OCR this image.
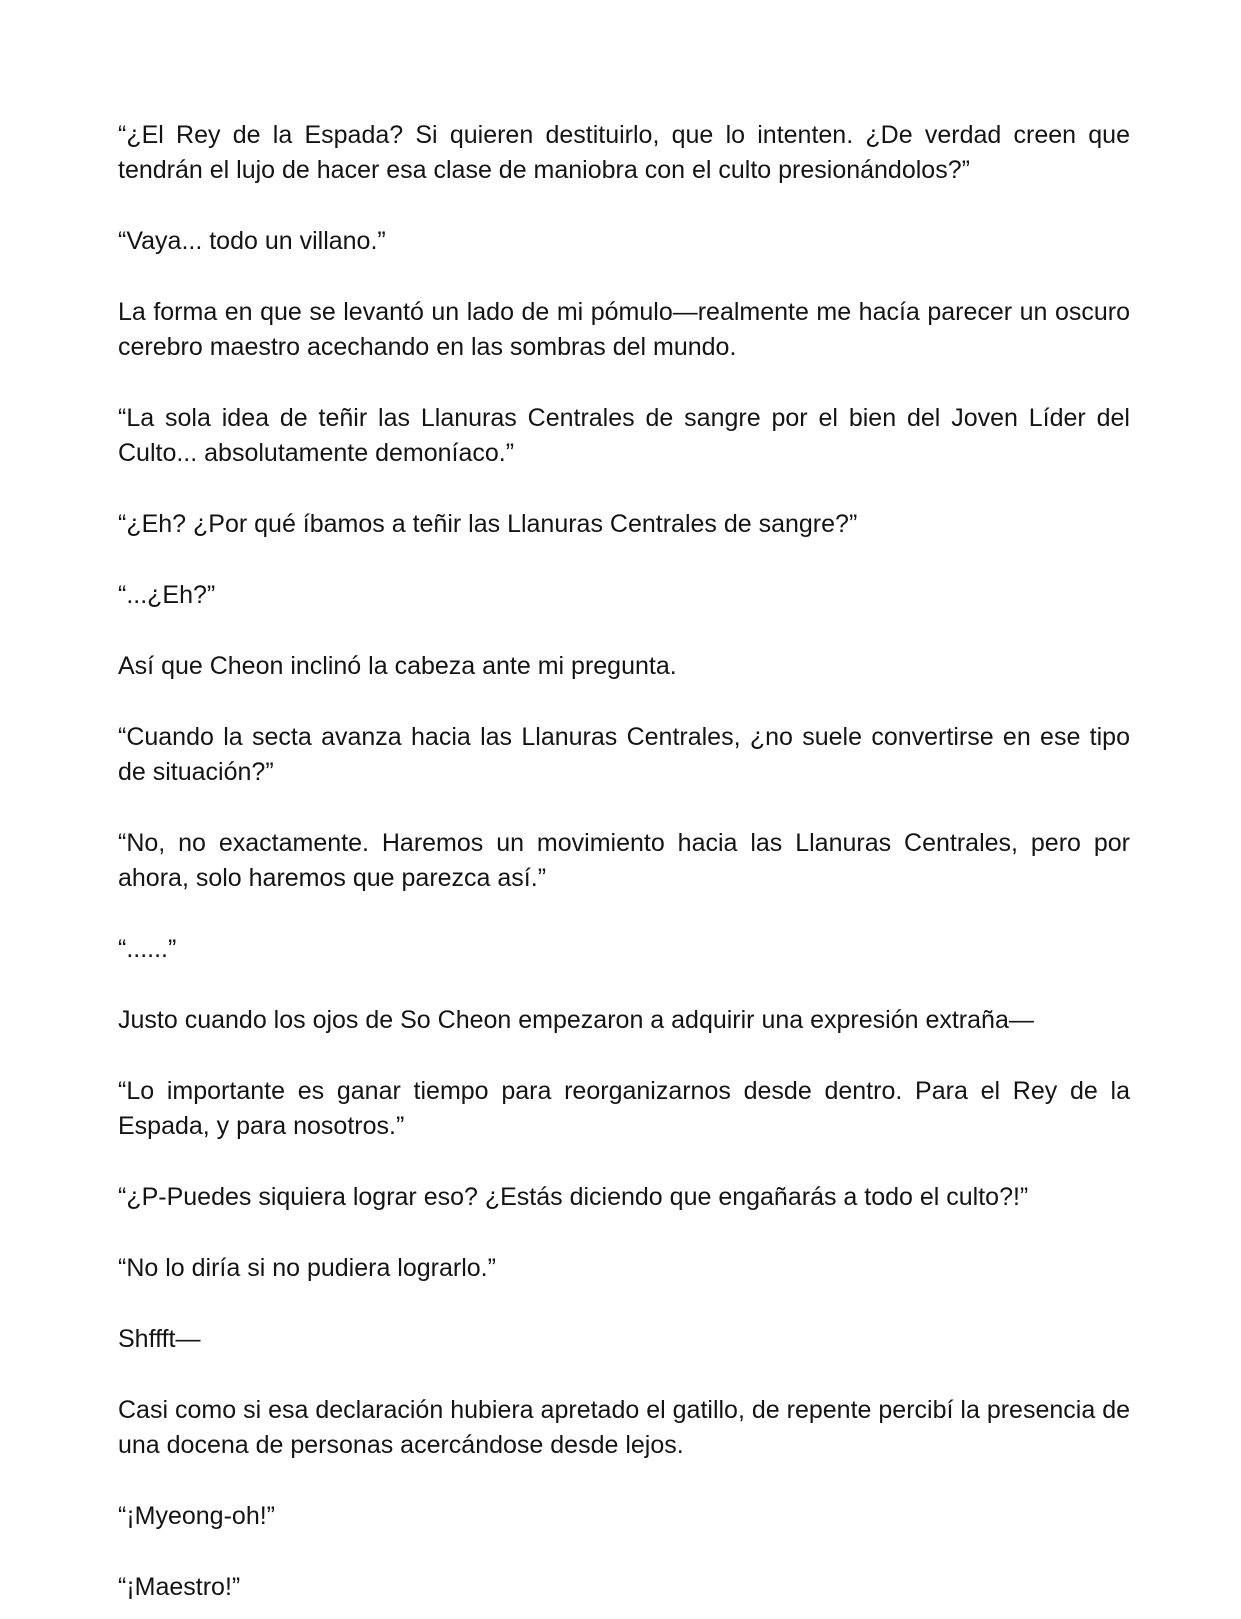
“¿El Rey de la Espada? Si quieren destituirlo, que lo intenten. ¿De verdad creen que tendrán el lujo de hacer esa clase de maniobra con el culto presionándolos?”

“Vaya... todo un villano.”

La forma en que se levantó un lado de mi pómulo—realmente me hacía parecer un oscuro cerebro maestro acechando en las sombras del mundo.

“La sola idea de teñir las Llanuras Centrales de sangre por el bien del Joven Líder del Culto... absolutamente demoníaco.”

“¿Eh? ¿Por qué íbamos a teñir las Llanuras Centrales de sangre?”

“...¿Eh?”

Así que Cheon inclinó la cabeza ante mi pregunta.

“Cuando la secta avanza hacia las Llanuras Centrales, ¿no suele convertirse en ese tipo de situación?”

“No, no exactamente. Haremos un movimiento hacia las Llanuras Centrales, pero por ahora, solo haremos que parezca así.”

“......”

Justo cuando los ojos de So Cheon empezaron a adquirir una expresión extraña—

“Lo importante es ganar tiempo para reorganizarnos desde dentro. Para el Rey de la Espada, y para nosotros.”

“¿P-Puedes siquiera lograr eso? ¿Estás diciendo que engañarás a todo el culto?!”

“No lo diría si no pudiera lograrlo.”

Shffft—

Casi como si esa declaración hubiera apretado el gatillo, de repente percibí la presencia de una docena de personas acercándose desde lejos.

“¡Myeong-oh!”

“¡Maestro!”
